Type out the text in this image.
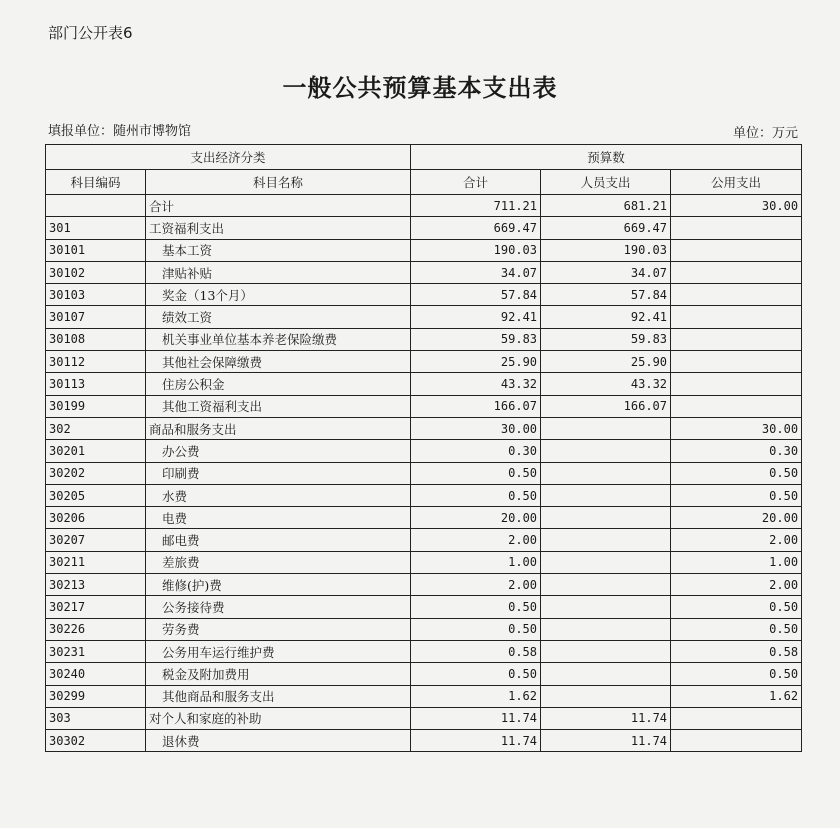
部门公开表6
一般公共预算基本支出表
填报单位：随州市博物馆	单位：万元
支出经济分类		预算数		
科目编码	科目名称	合计	人员支出	公用支出
	合计	711.21	681.21	30.00
301	工资福利支出	669.47	669.47	
30101	基本工资	190.03	190.03	
30102	津贴补贴	34.07	34.07	
30103	奖金（13个月）	57.84	57.84	
30107	绩效工资	92.41	92.41	
30108	机关事业单位基本养老保险缴费	59.83	59.83	
30112	其他社会保障缴费	25.90	25.90	
30113	住房公积金	43.32	43.32	
30199	其他工资福利支出	166.07	166.07	
302	商品和服务支出	30.00		30.00
30201	办公费	0.30		0.30
30202	印刷费	0.50		0.50
30205	水费	0.50		0.50
30206	电费	20.00		20.00
30207	邮电费	2.00		2.00
30211	差旅费	1.00		1.00
30213	维修(护)费	2.00		2.00
30217	公务接待费	0.50		0.50
30226	劳务费	0.50		0.50
30231	公务用车运行维护费	0.58		0.58
30240	税金及附加费用	0.50		0.50
30299	其他商品和服务支出	1.62		1.62
303	对个人和家庭的补助	11.74	11.74	
30302	退休费	11.74	11.74	
